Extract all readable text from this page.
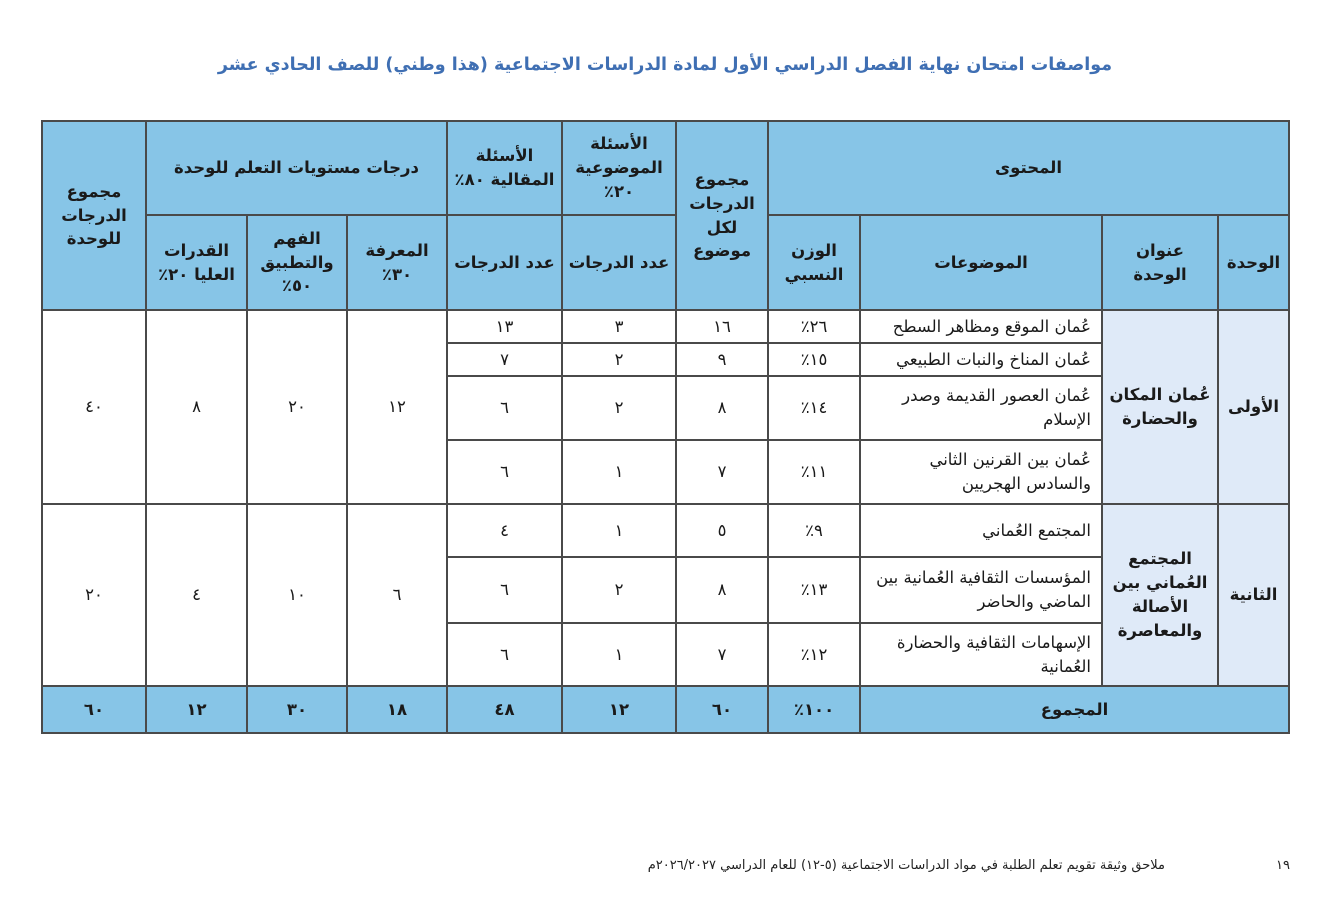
مواصفات امتحان نهاية الفصل الدراسي الأول لمادة الدراسات الاجتماعية (هذا وطني) للصف الحادي عشر
المحتوى				مجموع الدرجات لكل موضوع	الأسئلة الموضوعية ٢٠٪	الأسئلة المقالية ٨٠٪	درجات مستويات التعلم للوحدة			مجموع الدرجات للوحدة
الوحدة	عنوان الوحدة	الموضوعات	الوزن النسبي		عدد الدرجات	عدد الدرجات	المعرفة ٣٠٪	الفهم والتطبيق ٥٠٪	القدرات العليا ٢٠٪	
الأولى	عُمان المكان والحضارة	عُمان الموقع ومظاهر السطح	٢٦٪	١٦	٣	١٣	١٢	٢٠	٨	٤٠
		عُمان المناخ والنبات الطبيعي	١٥٪	٩	٢	٧				
		عُمان العصور القديمة وصدر الإسلام	١٤٪	٨	٢	٦				
		عُمان بين القرنين الثاني والسادس الهجريين	١١٪	٧	١	٦				
الثانية	المجتمع العُماني بين الأصالة والمعاصرة	المجتمع العُماني	٩٪	٥	١	٤	٦	١٠	٤	٢٠
		المؤسسات الثقافية العُمانية بين الماضي والحاضر	١٣٪	٨	٢	٦				
		الإسهامات الثقافية والحضارة العُمانية	١٢٪	٧	١	٦				
المجموع			١٠٠٪	٦٠	١٢	٤٨	١٨	٣٠	١٢	٦٠
١٩
ملاحق وثيقة تقويم تعلم الطلبة في مواد الدراسات الاجتماعية (٥-١٢) للعام الدراسي ٢٠٢٦/٢٠٢٧م
